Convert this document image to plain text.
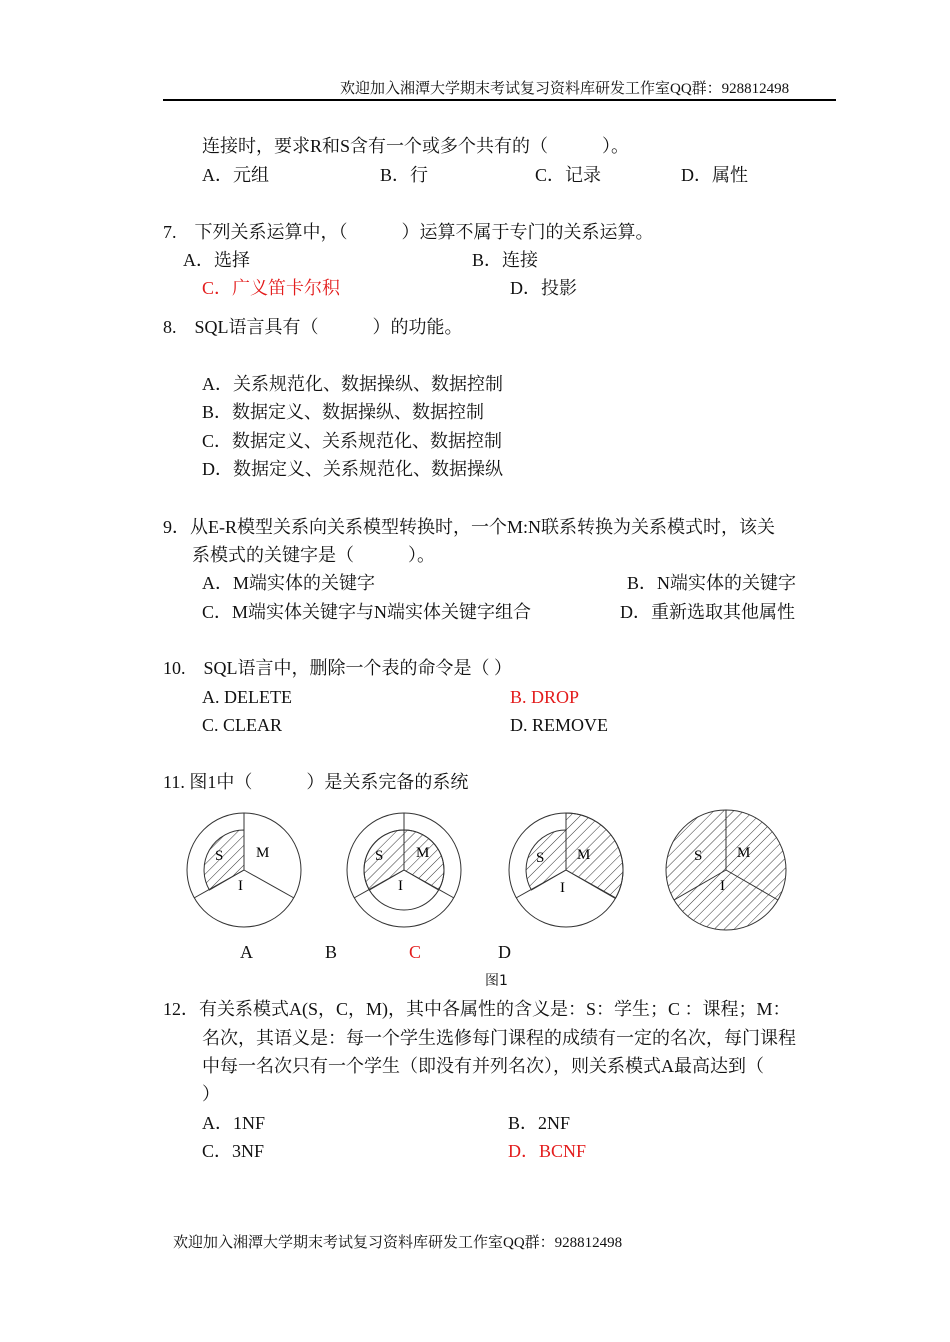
欢迎加入湘潭大学期末考试复习资料库研发工作室QQ群：928812498
连接时，要求R和S含有一个或多个共有的（　　　）。
A．元组	B．行	C．记录	D．属性
7.　下列关系运算中，（　　　）运算不属于专门的关系运算。
A．选择	B．连接
C．广义笛卡尔积	D．投影
8.　SQL语言具有（　　　）的功能。
A．关系规范化、数据操纵、数据控制
B．数据定义、数据操纵、数据控制
C．数据定义、关系规范化、数据控制
D．数据定义、关系规范化、数据操纵
9．从E-R模型关系向关系模型转换时，一个M:N联系转换为关系模式时，该关
系模式的关键字是（　　　）。
A．M端实体的关键字	B．N端实体的关键字
C．M端实体关键字与N端实体关键字组合	D．重新选取其他属性
10.　SQL语言中，删除一个表的命令是（ ）
A. DELETE	B. DROP
C. CLEAR	D. REMOVE
11. 图1中（　　　）是关系完备的系统
S M
I
S M
I
S M
I
S M
I
A	B	C	D
图1
12．有关系模式A(S，C，M)，其中各属性的含义是：S：学生；C ：课程；M：
名次，其语义是：每一个学生选修每门课程的成绩有一定的名次，每门课程
中每一名次只有一个学生（即没有并列名次），则关系模式A最高达到（
）
A．1NF	B．2NF
C．3NF	D．BCNF
欢迎加入湘潭大学期末考试复习资料库研发工作室QQ群：928812498
